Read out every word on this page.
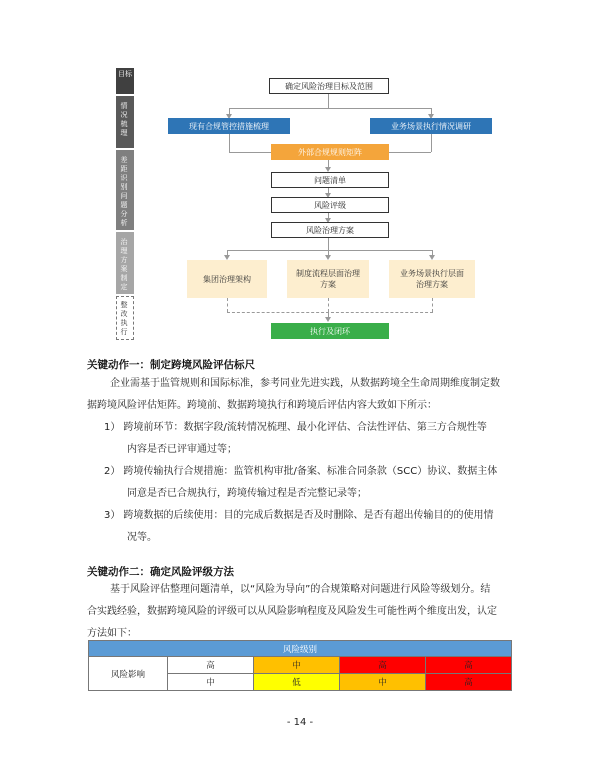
目标
情况梳理
差距识别问题分析
治理方案制定
整改执行
确定风险治理目标及范围
现有合规管控措施梳理	业务场景执行情况调研
外部合规规则矩阵
问题清单
风险评级
风险治理方案
集团治理架构
制度流程层面治理方案
业务场景执行层面治理方案
执行及闭环
关键动作一：制定跨境风险评估标尺
企业需基于监管规则和国际标准，参考同业先进实践，从数据跨境全生命周期维度制定数
据跨境风险评估矩阵。跨境前、数据跨境执行和跨境后评估内容大致如下所示：
1） 跨境前环节：数据字段/流转情况梳理、最小化评估、合法性评估、第三方合规性等
内容是否已评审通过等；
2） 跨境传输执行合规措施：监管机构审批/备案、标准合同条款（SCC）协议、数据主体
同意是否已合规执行，跨境传输过程是否完整记录等；
3） 跨境数据的后续使用：目的完成后数据是否及时删除、是否有超出传输目的的使用情
况等。
关键动作二：确定风险评级方法
基于风险评估整理问题清单，以“风险为导向”的合规策略对问题进行风险等级划分。结
合实践经验，数据跨境风险的评级可以从风险影响程度及风险发生可能性两个维度出发，认定
方法如下：
风险级别				
风险影响	高	中	高	高
	中	低	中	高
- 14 -
